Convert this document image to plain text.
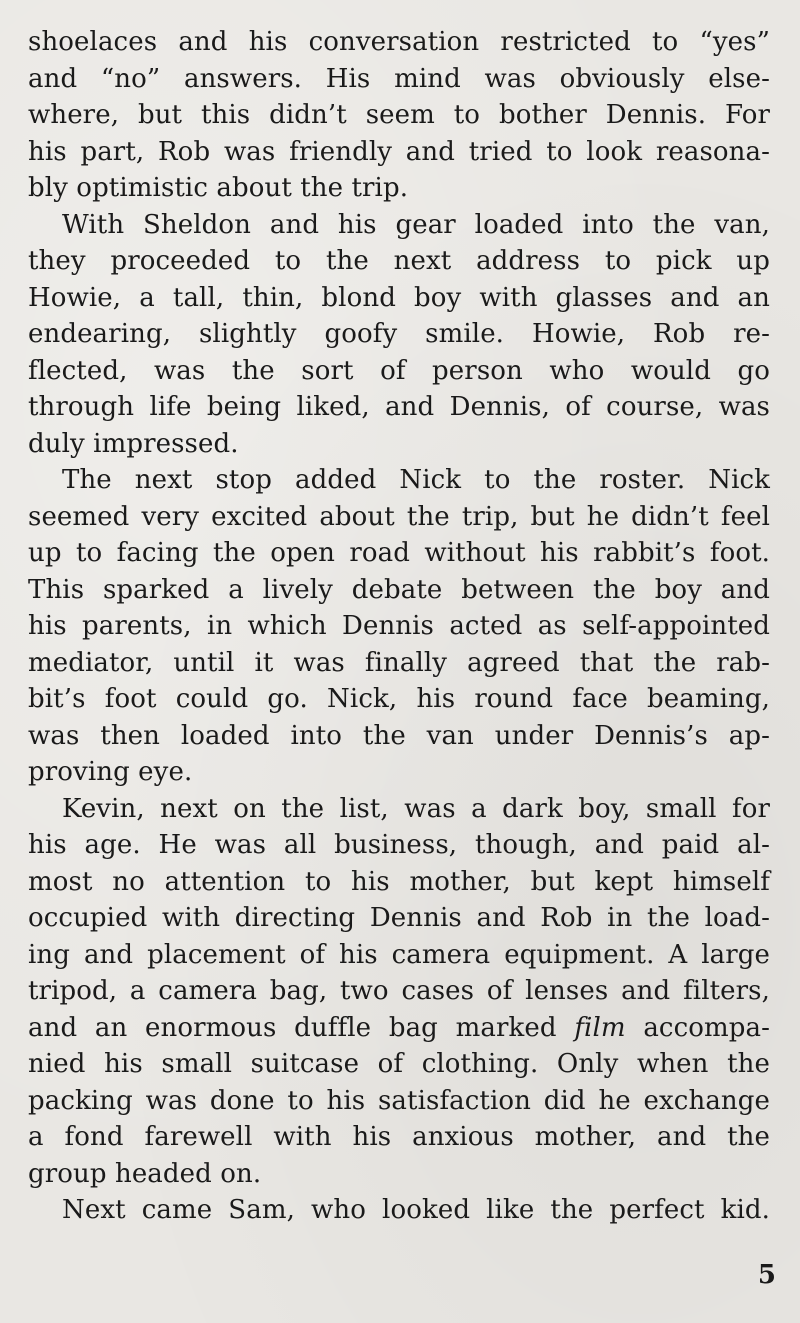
shoelaces and his conversation restricted to “yes”
and “no” answers. His mind was obviously else-
where, but this didn’t seem to bother Dennis. For
his part, Rob was friendly and tried to look reasona-
bly optimistic about the trip.
With Sheldon and his gear loaded into the van,
they proceeded to the next address to pick up
Howie, a tall, thin, blond boy with glasses and an
endearing, slightly goofy smile. Howie, Rob re-
flected, was the sort of person who would go
through life being liked, and Dennis, of course, was
duly impressed.
The next stop added Nick to the roster. Nick
seemed very excited about the trip, but he didn’t feel
up to facing the open road without his rabbit’s foot.
This sparked a lively debate between the boy and
his parents, in which Dennis acted as self-appointed
mediator, until it was finally agreed that the rab-
bit’s foot could go. Nick, his round face beaming,
was then loaded into the van under Dennis’s ap-
proving eye.
Kevin, next on the list, was a dark boy, small for
his age. He was all business, though, and paid al-
most no attention to his mother, but kept himself
occupied with directing Dennis and Rob in the load-
ing and placement of his camera equipment. A large
tripod, a camera bag, two cases of lenses and filters,
and an enormous duffle bag marked film accompa-
nied his small suitcase of clothing. Only when the
packing was done to his satisfaction did he exchange
a fond farewell with his anxious mother, and the
group headed on.
Next came Sam, who looked like the perfect kid.
5
